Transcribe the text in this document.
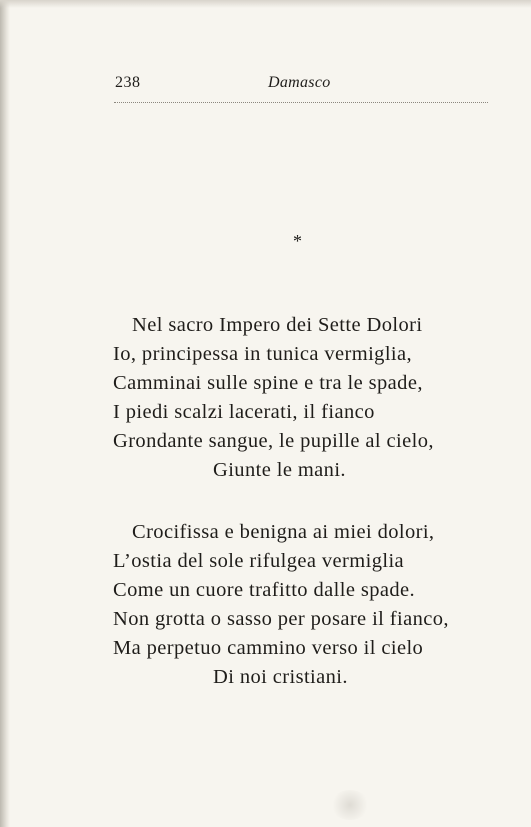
238	Damasco
*
Nel sacro Impero dei Sette Dolori
Io, principessa in tunica vermiglia,
Camminai sulle spine e tra le spade,
I piedi scalzi lacerati, il fianco
Grondante sangue, le pupille al cielo,
Giunte le mani.
Crocifissa e benigna ai miei dolori,
L’ostia del sole rifulgea vermiglia
Come un cuore trafitto dalle spade.
Non grotta o sasso per posare il fianco,
Ma perpetuo cammino verso il cielo
Di noi cristiani.
